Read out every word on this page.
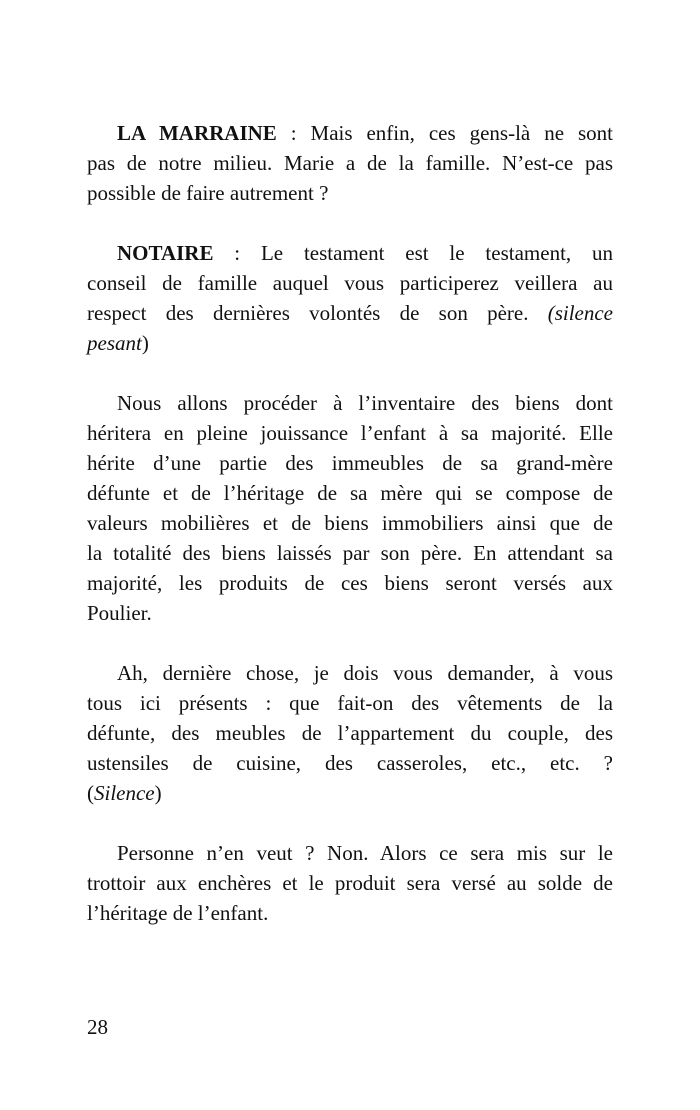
LA MARRAINE : Mais enfin, ces gens-là ne sont
pas de notre milieu. Marie a de la famille. N’est-ce pas
possible de faire autrement ?
NOTAIRE : Le testament est le testament, un
conseil de famille auquel vous participerez veillera au
respect des dernières volontés de son père. (silence
pesant)
Nous allons procéder à l’inventaire des biens dont
héritera en pleine jouissance l’enfant à sa majorité. Elle
hérite d’une partie des immeubles de sa grand-mère
défunte et de l’héritage de sa mère qui se compose de
valeurs mobilières et de biens immobiliers ainsi que de
la totalité des biens laissés par son père. En attendant sa
majorité, les produits de ces biens seront versés aux
Poulier.
Ah, dernière chose, je dois vous demander, à vous
tous ici présents : que fait-on des vêtements de la
défunte, des meubles de l’appartement du couple, des
ustensiles de cuisine, des casseroles, etc., etc. ?
(Silence)
Personne n’en veut ? Non. Alors ce sera mis sur le
trottoir aux enchères et le produit sera versé au solde de
l’héritage de l’enfant.
28
